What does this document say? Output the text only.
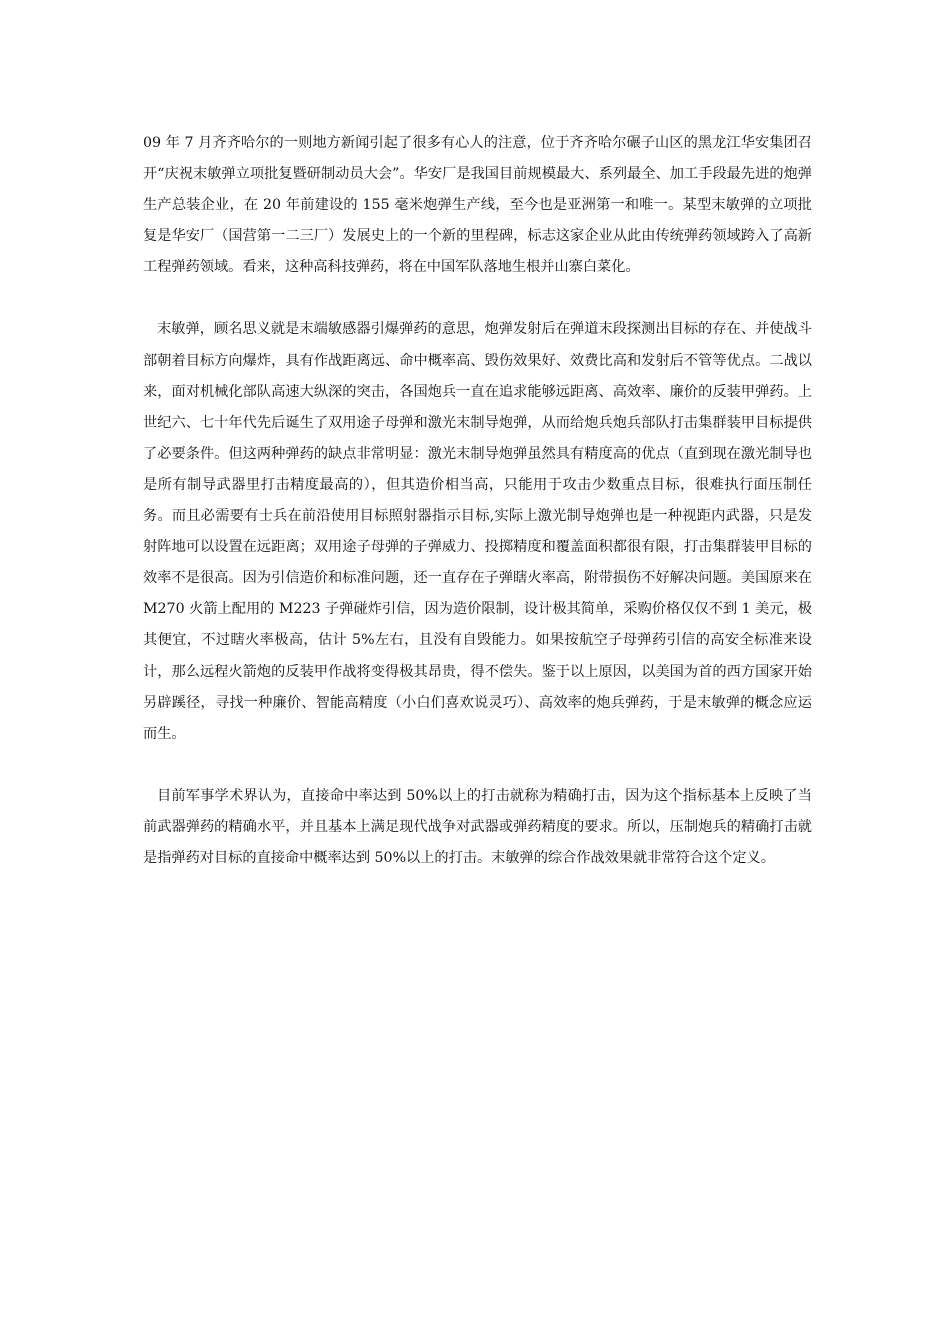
09 年 7 月齐齐哈尔的一则地方新闻引起了很多有心人的注意，位于齐齐哈尔碾子山区的黑龙江华安集团召开“庆祝末敏弹立项批复暨研制动员大会”。华安厂是我国目前规模最大、系列最全、加工手段最先进的炮弹生产总装企业，在 20 年前建设的 155 毫米炮弹生产线，至今也是亚洲第一和唯一。某型末敏弹的立项批复是华安厂（国营第一二三厂）发展史上的一个新的里程碑，标志这家企业从此由传统弹药领域跨入了高新工程弹药领域。看来，这种高科技弹药，将在中国军队落地生根并山寨白菜化。

末敏弹，顾名思义就是末端敏感器引爆弹药的意思，炮弹发射后在弹道末段探测出目标的存在、并使战斗部朝着目标方向爆炸，具有作战距离远、命中概率高、毁伤效果好、效费比高和发射后不管等优点。二战以来，面对机械化部队高速大纵深的突击，各国炮兵一直在追求能够远距离、高效率、廉价的反装甲弹药。上世纪六、七十年代先后诞生了双用途子母弹和激光末制导炮弹，从而给炮兵炮兵部队打击集群装甲目标提供了必要条件。但这两种弹药的缺点非常明显：激光末制导炮弹虽然具有精度高的优点（直到现在激光制导也是所有制导武器里打击精度最高的），但其造价相当高，只能用于攻击少数重点目标，很难执行面压制任务。而且必需要有士兵在前沿使用目标照射器指示目标,实际上激光制导炮弹也是一种视距内武器，只是发射阵地可以设置在远距离；双用途子母弹的子弹威力、投掷精度和覆盖面积都很有限，打击集群装甲目标的效率不是很高。因为引信造价和标准问题，还一直存在子弹瞎火率高，附带损伤不好解决问题。美国原来在 M270 火箭上配用的 M223 子弹碰炸引信，因为造价限制，设计极其简单，采购价格仅仅不到 1 美元，极其便宜，不过瞎火率极高，估计 5%左右，且没有自毁能力。如果按航空子母弹药引信的高安全标准来设计，那么远程火箭炮的反装甲作战将变得极其昂贵，得不偿失。鉴于以上原因，以美国为首的西方国家开始另辟蹊径，寻找一种廉价、智能高精度（小白们喜欢说灵巧）、高效率的炮兵弹药，于是末敏弹的概念应运而生。

目前军事学术界认为，直接命中率达到 50%以上的打击就称为精确打击，因为这个指标基本上反映了当前武器弹药的精确水平，并且基本上满足现代战争对武器或弹药精度的要求。所以，压制炮兵的精确打击就是指弹药对目标的直接命中概率达到 50%以上的打击。末敏弹的综合作战效果就非常符合这个定义。
